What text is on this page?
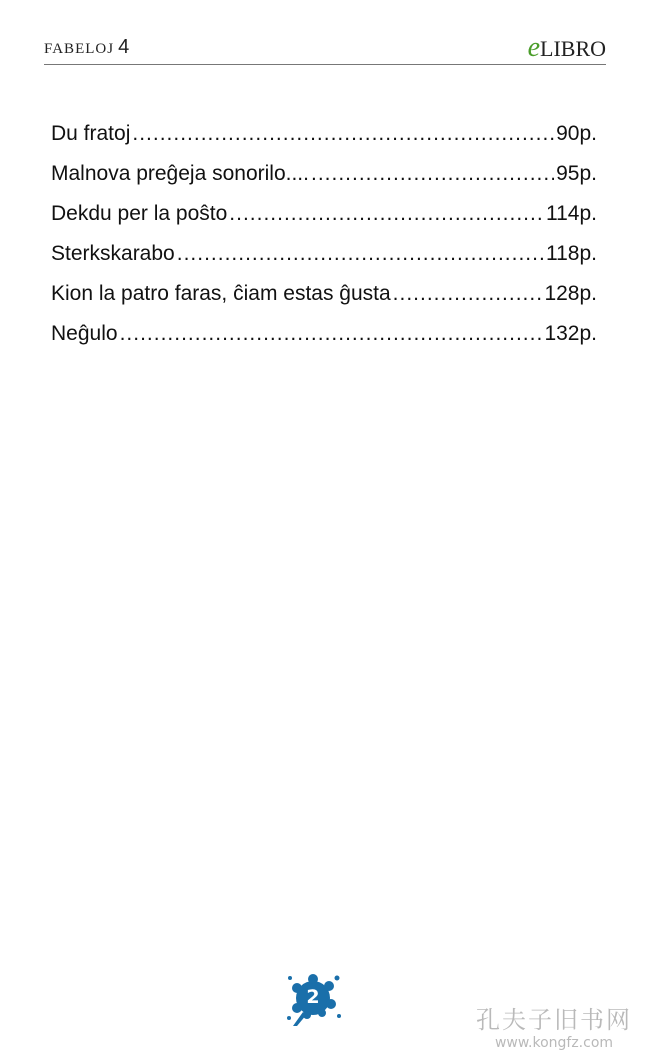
FABELOJ 4	eLIBRO
Du fratoj .....	90p.
Malnova preĝeja sonorilo.... .....	95p.
Dekdu per la poŝto .....	114p.
Sterkskarabo .....	118p.
Kion la patro faras, ĉiam estas ĝusta .....	128p.
Neĝulo .....	132p.
2
孔夫子旧书网
www.kongfz.com
